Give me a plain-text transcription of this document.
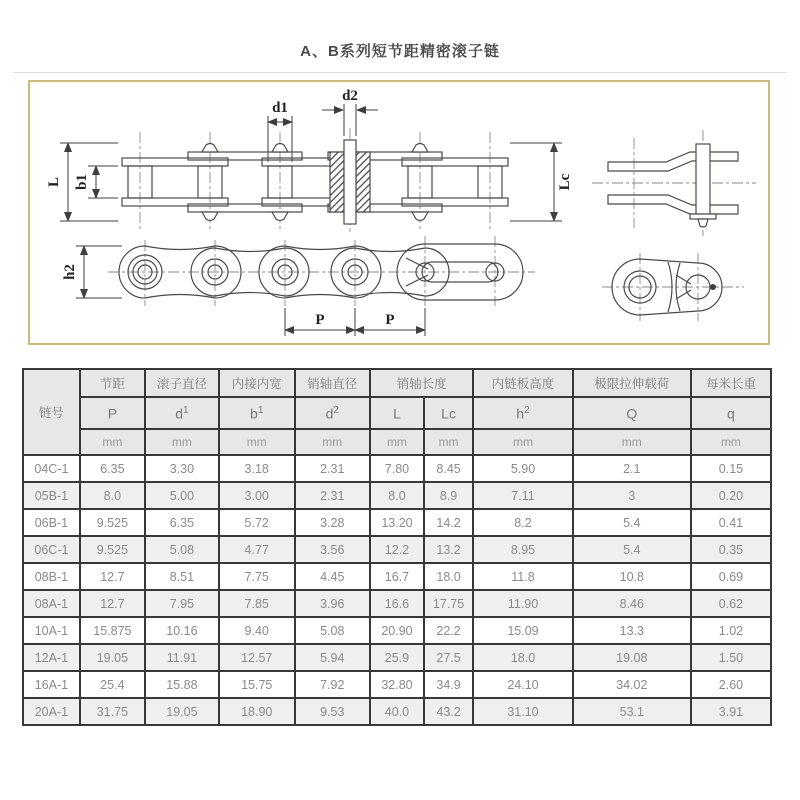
A、B系列短节距精密滚子链
L b1
d1
d2
Lc
h2
P	P
链号	节距	滚子直径	内接内宽	销轴直径	销轴长度		内链板高度	极限拉伸载荷	每米长重
	P	$d^1$	$b^1$	$d^2$	L	Lc	$h^2$	Q	q
	mm	mm	mm	mm	mm	mm	mm	mm	mm
04C-1	6.35	3.30	3.18	2.31	7.80	8.45	5.90	2.1	0.15
05B-1	8.0	5.00	3.00	2.31	8.0	8.9	7.11	3	0.20
06B-1	9.525	6.35	5.72	3.28	13.20	14.2	8.2	5.4	0.41
06C-1	9.525	5.08	4.77	3.56	12.2	13.2	8.95	5.4	0.35
08B-1	12.7	8.51	7.75	4.45	16.7	18.0	11.8	10.8	0.69
08A-1	12.7	7.95	7.85	3.96	16.6	17.75	11.90	8.46	0.62
10A-1	15.875	10.16	9.40	5.08	20.90	22.2	15.09	13.3	1.02
12A-1	19.05	11.91	12.57	5.94	25.9	27.5	18.0	19.08	1.50
16A-1	25.4	15.88	15.75	7.92	32.80	34.9	24.10	34.02	2.60
20A-1	31.75	19.05	18.90	9.53	40.0	43.2	31.10	53.1	3.91
